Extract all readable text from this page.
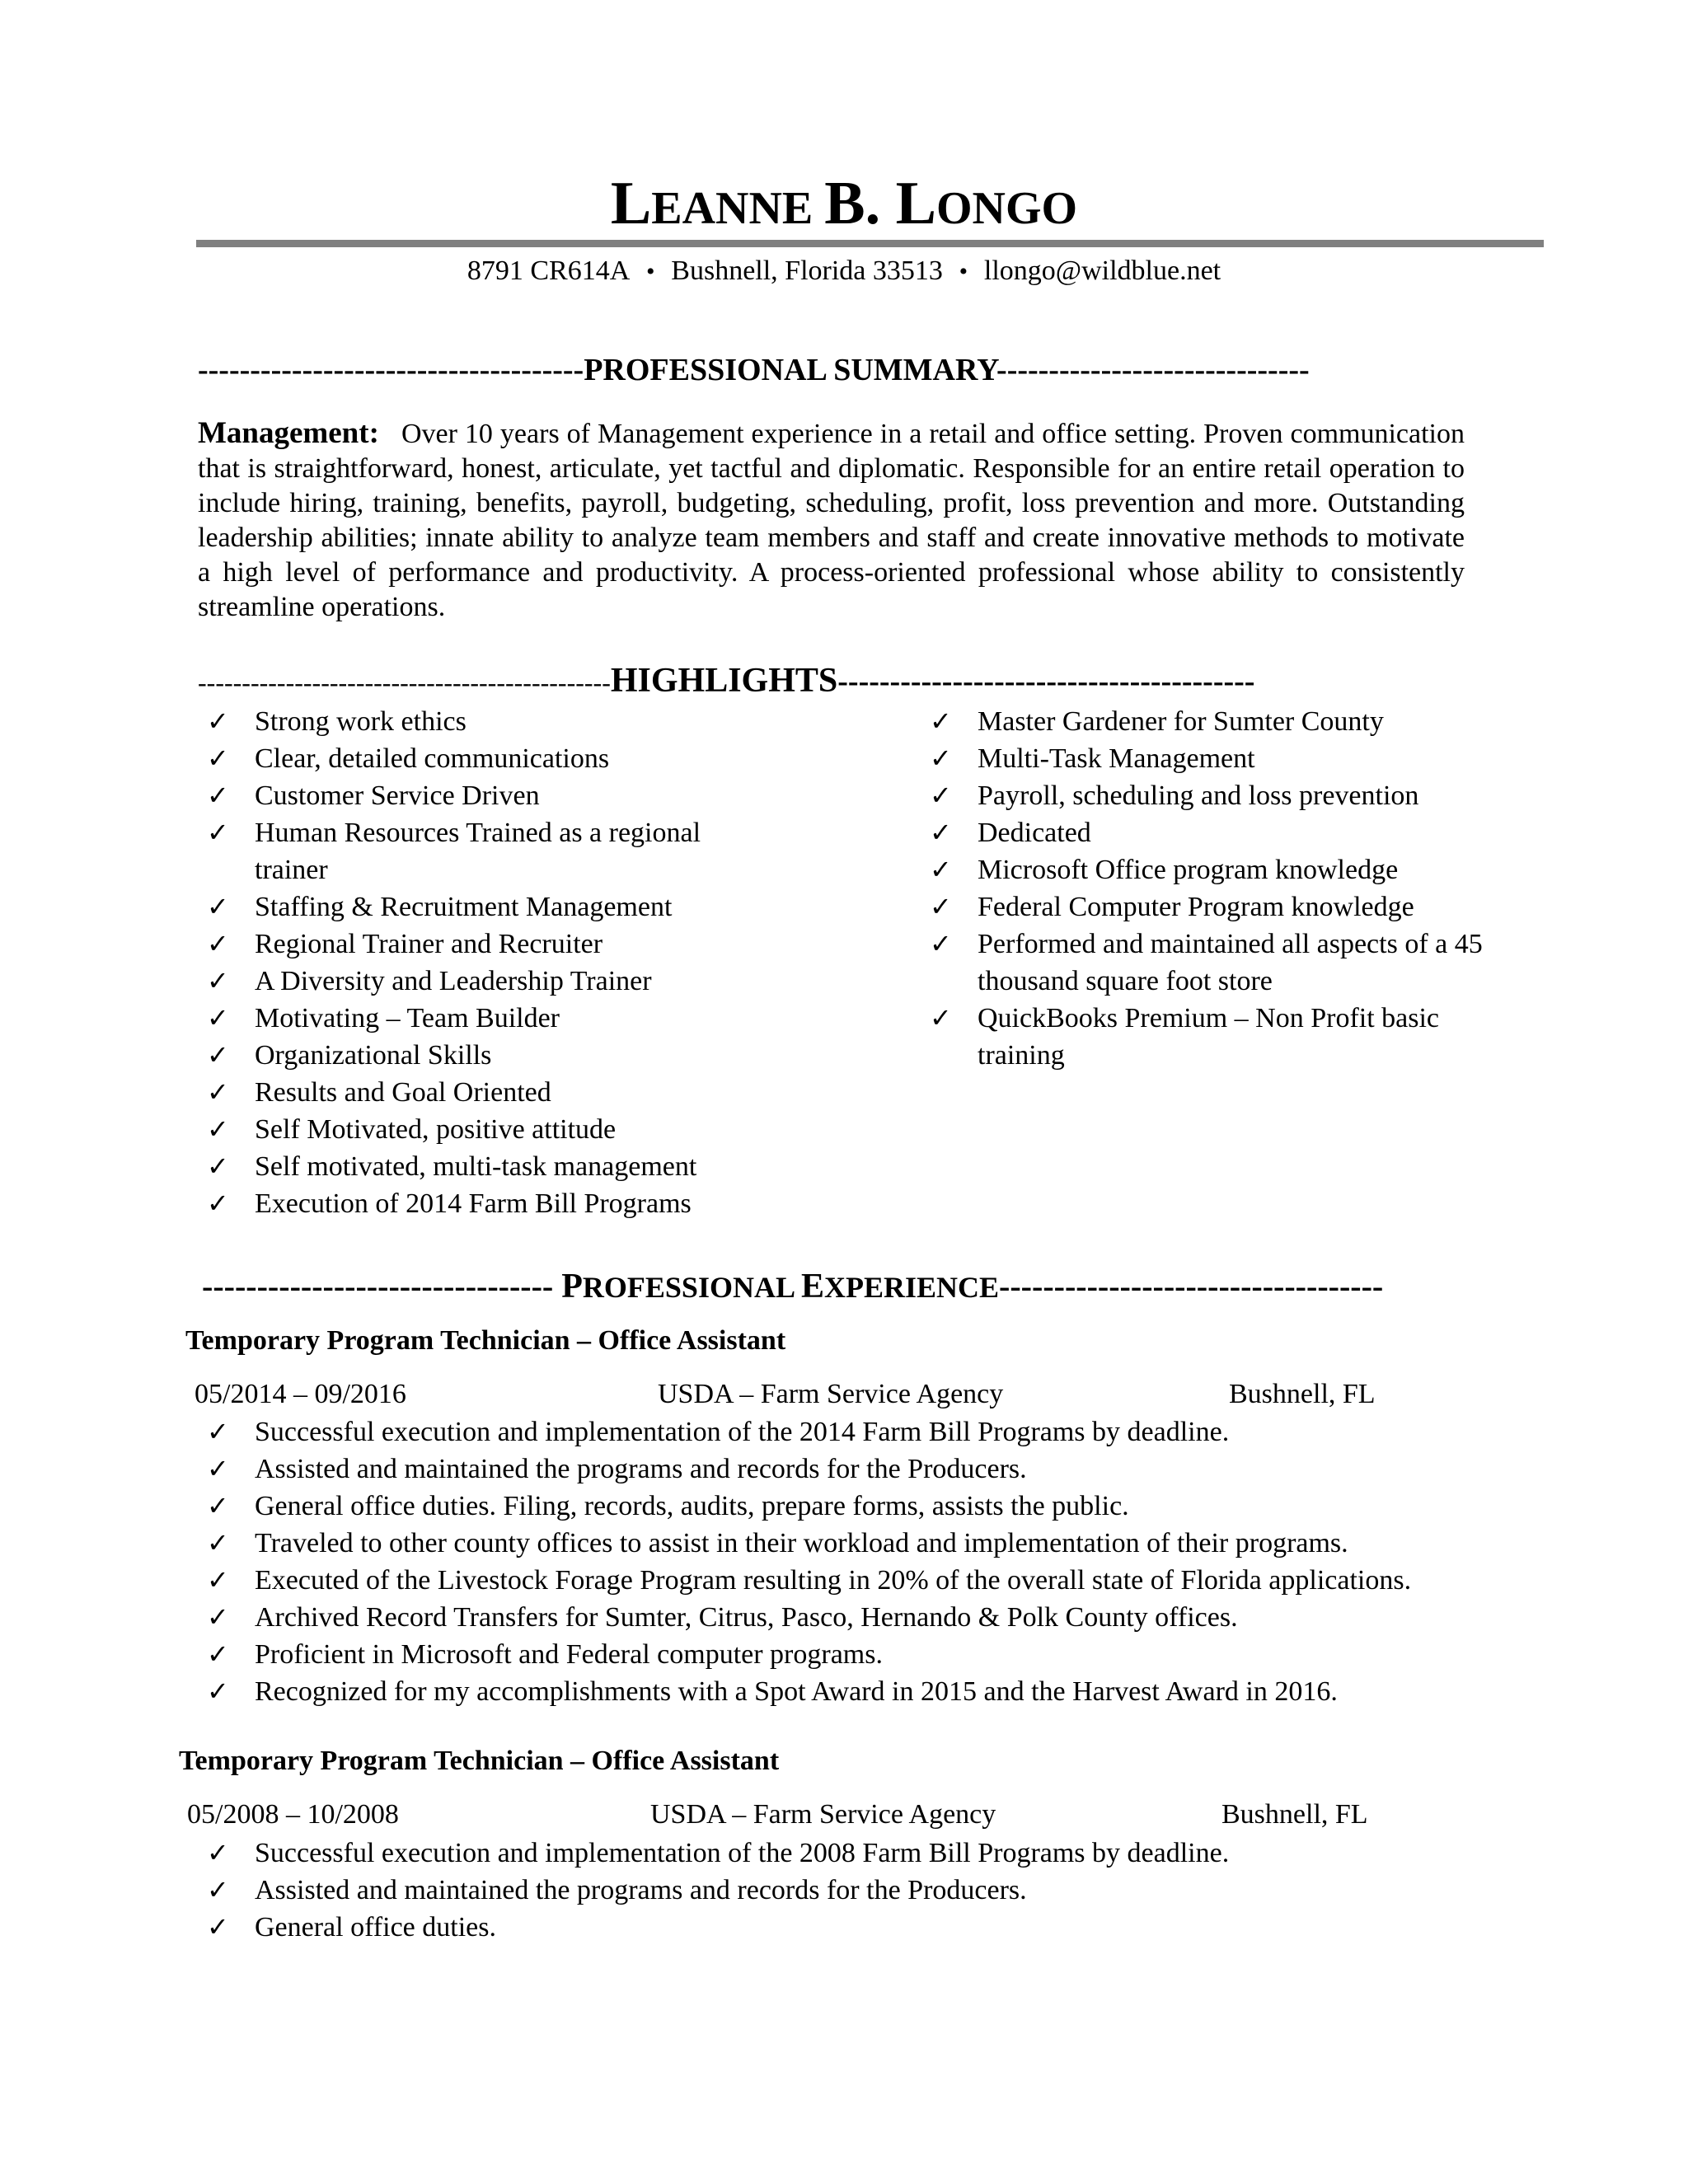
LEANNE B. LONGO
8791 CR614A • Bushnell, Florida 33513 • llongo@wildblue.net
-------------------------------------PROFESSIONAL SUMMARY------------------------------
Management: Over 10 years of Management experience in a retail and office setting. Proven communication that is straightforward, honest, articulate, yet tactful and diplomatic. Responsible for an entire retail operation to include hiring, training, benefits, payroll, budgeting, scheduling, profit, loss prevention and more. Outstanding leadership abilities; innate ability to analyze team members and staff and create innovative methods to motivate a high level of performance and productivity. A process-oriented professional whose ability to consistently streamline operations.
-----------------------------------------------HIGHLIGHTS----------------------------------------
✓ Strong work ethics
✓ Clear, detailed communications
✓ Customer Service Driven
✓ Human Resources Trained as a regional trainer
✓ Staffing & Recruitment Management
✓ Regional Trainer and Recruiter
✓ A Diversity and Leadership Trainer
✓ Motivating – Team Builder
✓ Organizational Skills
✓ Results and Goal Oriented
✓ Self Motivated, positive attitude
✓ Self motivated, multi-task management
✓ Execution of 2014 Farm Bill Programs
✓ Master Gardener for Sumter County
✓ Multi-Task Management
✓ Payroll, scheduling and loss prevention
✓ Dedicated
✓ Microsoft Office program knowledge
✓ Federal Computer Program knowledge
✓ Performed and maintained all aspects of a 45 thousand square foot store
✓ QuickBooks Premium – Non Profit basic training
-------------------------------- PROFESSIONAL EXPERIENCE-----------------------------------
Temporary Program Technician – Office Assistant
05/2014 – 09/2016	USDA – Farm Service Agency	Bushnell, FL
✓ Successful execution and implementation of the 2014 Farm Bill Programs by deadline.
✓ Assisted and maintained the programs and records for the Producers.
✓ General office duties. Filing, records, audits, prepare forms, assists the public.
✓ Traveled to other county offices to assist in their workload and implementation of their programs.
✓ Executed of the Livestock Forage Program resulting in 20% of the overall state of Florida applications.
✓ Archived Record Transfers for Sumter, Citrus, Pasco, Hernando & Polk County offices.
✓ Proficient in Microsoft and Federal computer programs.
✓ Recognized for my accomplishments with a Spot Award in 2015 and the Harvest Award in 2016.
Temporary Program Technician – Office Assistant
05/2008 – 10/2008	USDA – Farm Service Agency	Bushnell, FL
✓ Successful execution and implementation of the 2008 Farm Bill Programs by deadline.
✓ Assisted and maintained the programs and records for the Producers.
✓ General office duties.
